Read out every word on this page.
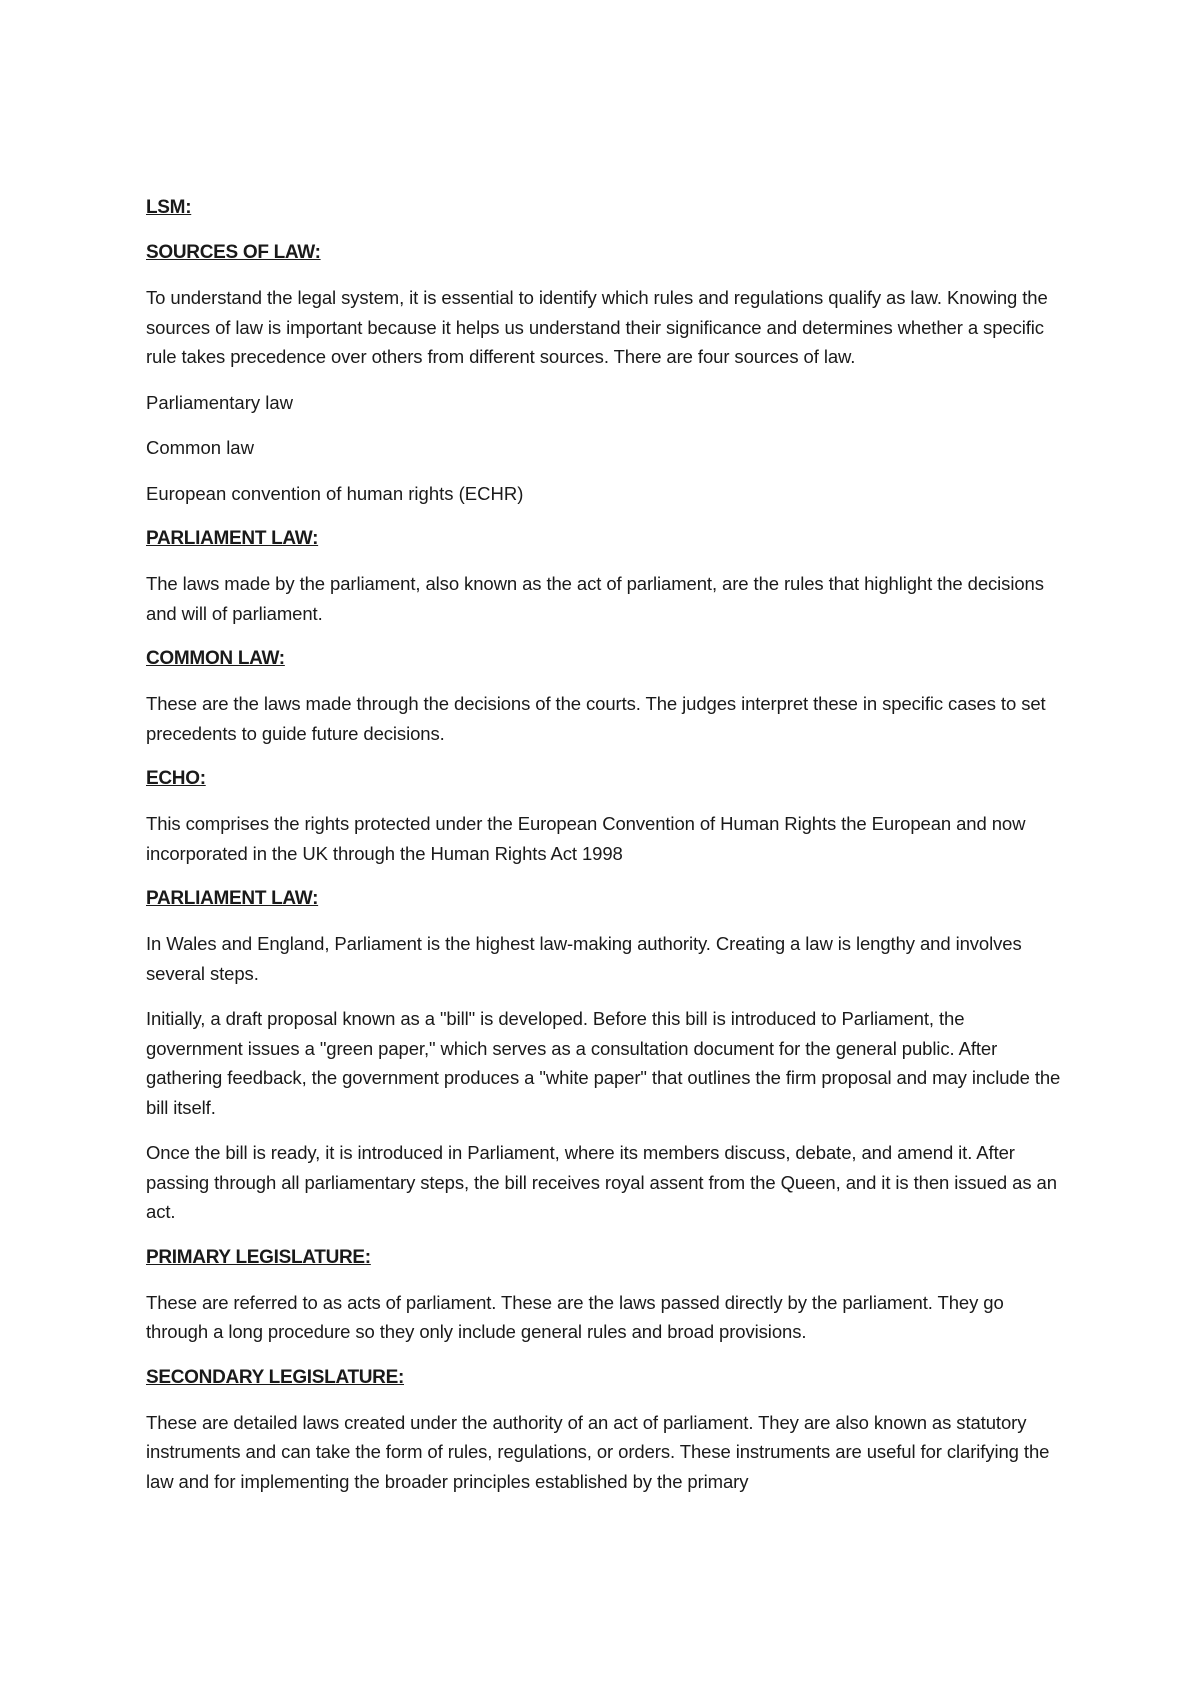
LSM:

SOURCES OF LAW:

To understand the legal system, it is essential to identify which rules and regulations qualify as law. Knowing the sources of law is important because it helps us understand their significance and determines whether a specific rule takes precedence over others from different sources. There are four sources of law.

Parliamentary law

Common law

European convention of human rights (ECHR)

PARLIAMENT LAW:

The laws made by the parliament, also known as the act of parliament, are the rules that highlight the decisions and will of parliament.

COMMON LAW:

These are the laws made through the decisions of the courts. The judges interpret these in specific cases to set precedents to guide future decisions.

ECHO:

This comprises the rights protected under the European Convention of Human Rights the European and now incorporated in the UK through the Human Rights Act 1998

PARLIAMENT LAW:

In Wales and England, Parliament is the highest law-making authority. Creating a law is lengthy and involves several steps.

Initially, a draft proposal known as a "bill" is developed. Before this bill is introduced to Parliament, the government issues a "green paper," which serves as a consultation document for the general public. After gathering feedback, the government produces a "white paper" that outlines the firm proposal and may include the bill itself.

Once the bill is ready, it is introduced in Parliament, where its members discuss, debate, and amend it. After passing through all parliamentary steps, the bill receives royal assent from the Queen, and it is then issued as an act.

PRIMARY LEGISLATURE:

These are referred to as acts of parliament. These are the laws passed directly by the parliament. They go through a long procedure so they only include general rules and broad provisions.

SECONDARY LEGISLATURE:

These are detailed laws created under the authority of an act of parliament. They are also known as statutory instruments and can take the form of rules, regulations, or orders. These instruments are useful for clarifying the law and for implementing the broader principles established by the primary
